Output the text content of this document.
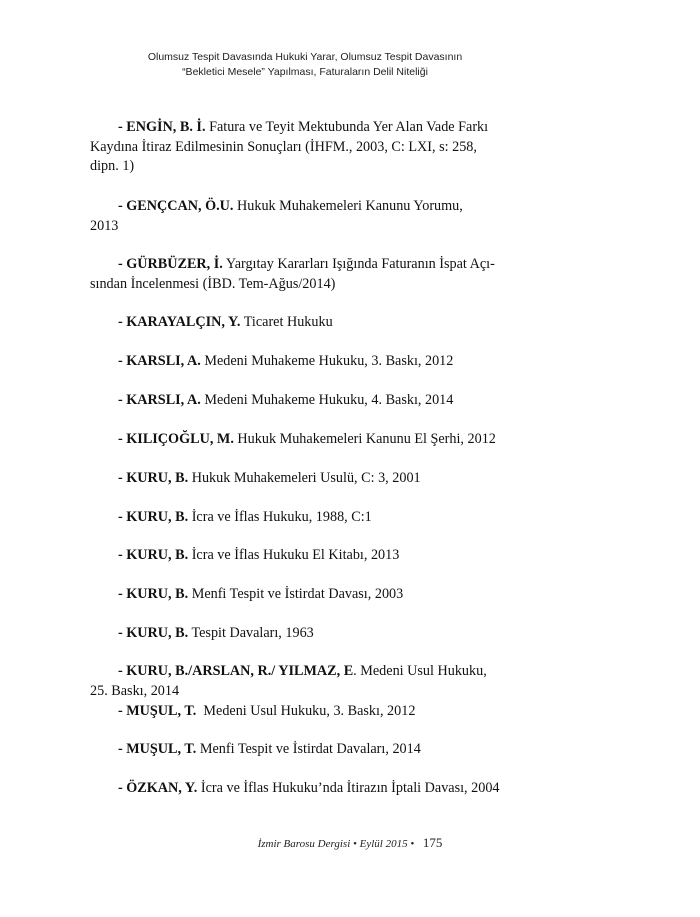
Olumsuz Tespit Davasında Hukuki Yarar, Olumsuz Tespit Davasının
“Bekletici Mesele” Yapılması, Faturaların Delil Niteliği
- ENGİN, B. İ. Fatura ve Teyit Mektubunda Yer Alan Vade Farkı
Kaydına İtiraz Edilmesinin Sonuçları (İHFM., 2003, C: LXI, s: 258,
dipn. 1)
- GENÇCAN, Ö.U. Hukuk Muhakemeleri Kanunu Yorumu,
2013
- GÜRBÜZER, İ. Yargıtay Kararları Işığında Faturanın İspat Açı-
sından İncelenmesi (İBD. Tem-Ağus/2014)
- KARAYALÇIN, Y. Ticaret Hukuku
- KARSLI, A. Medeni Muhakeme Hukuku, 3. Baskı, 2012
- KARSLI, A. Medeni Muhakeme Hukuku, 4. Baskı, 2014
- KILIÇOĞLU, M. Hukuk Muhakemeleri Kanunu El Şerhi, 2012
- KURU, B. Hukuk Muhakemeleri Usulü, C: 3, 2001
- KURU, B. İcra ve İflas Hukuku, 1988, C:1
- KURU, B. İcra ve İflas Hukuku El Kitabı, 2013
- KURU, B. Menfi Tespit ve İstirdat Davası, 2003
- KURU, B. Tespit Davaları, 1963
- KURU, B./ARSLAN, R./ YILMAZ, E. Medeni Usul Hukuku,
25. Baskı, 2014
- MUŞUL, T.  Medeni Usul Hukuku, 3. Baskı, 2012
- MUŞUL, T. Menfi Tespit ve İstirdat Davaları, 2014
- ÖZKAN, Y. İcra ve İflas Hukuku’nda İtirazın İptali Davası, 2004
İzmir Barosu Dergisi • Eylül 2015 • 175
